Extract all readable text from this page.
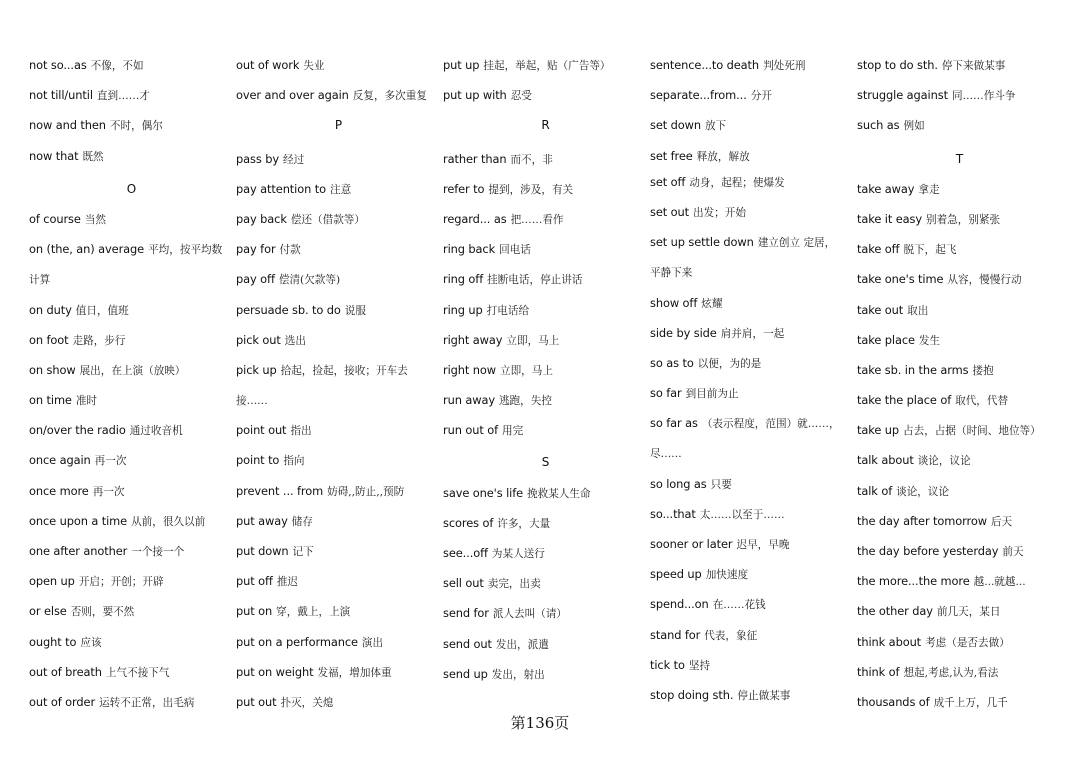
not so...as 不像，不如
not till/until 直到……才
now and then 不时，偶尔
now that 既然
O
of course 当然
on (the, an) average 平均，按平均数
计算
on duty 值日，值班
on foot 走路，步行
on show 展出，在上演（放映）
on time 准时
on/over the radio 通过收音机
once again 再一次
once more 再一次
once upon a time 从前，很久以前
one after another 一个接一个
open up 开启；开创；开辟
or else 否则，要不然
ought to 应该
out of breath 上气不接下气
out of order 运转不正常，出毛病
out of work 失业
over and over again 反复，多次重复
P
pass by 经过
pay attention to 注意
pay back 偿还（借款等）
pay for 付款
pay off 偿清(欠款等)
persuade sb. to do 说服
pick out 选出
pick up 拾起，捡起，接收；开车去
接……
point out 指出
point to 指向
prevent ... from 妨碍,,防止,,预防
put away 储存
put down 记下
put off 推迟
put on 穿，戴上，上演
put on a performance 演出
put on weight 发福，增加体重
put out 扑灭，关熄
put up 挂起，举起，贴（广告等）
put up with 忍受
R
rather than 而不，非
refer to 提到，涉及，有关
regard... as 把……看作
ring back 回电话
ring off 挂断电话，停止讲话
ring up 打电话给
right away 立即，马上
right now 立即，马上
run away 逃跑，失控
run out of 用完
S
save one's life 挽救某人生命
scores of 许多，大量
see...off 为某人送行
sell out 卖完，出卖
send for 派人去叫（请）
send out 发出，派遣
send up 发出，射出
sentence...to death 判处死刑
separate...from... 分开
set down 放下
set free 释放，解放
set off 动身，起程；使爆发
set out 出发；开始
set up settle down 建立创立 定居，
平静下来
show off 炫耀
side by side 肩并肩，一起
so as to 以便，为的是
so far 到目前为止
so far as （表示程度，范围）就……，
尽……
so long as 只要
so...that 太……以至于……
sooner or later 迟早，早晚
speed up 加快速度
spend...on 在……花钱
stand for 代表，象征
tick to 坚持
stop doing sth. 停止做某事
stop to do sth. 停下来做某事
struggle against 同……作斗争
such as 例如
T
take away 拿走
take it easy 别着急，别紧张
take off 脱下，起飞
take one's time 从容，慢慢行动
take out 取出
take place 发生
take sb. in the arms 搂抱
take the place of 取代，代替
take up 占去，占据（时间、地位等）
talk about 谈论，议论
talk of 谈论，议论
the day after tomorrow 后天
the day before yesterday 前天
the more...the more 越...就越...
the other day 前几天，某日
think about 考虑（是否去做）
think of 想起,考虑,认为,看法
thousands of 成千上万，几千
第136页
